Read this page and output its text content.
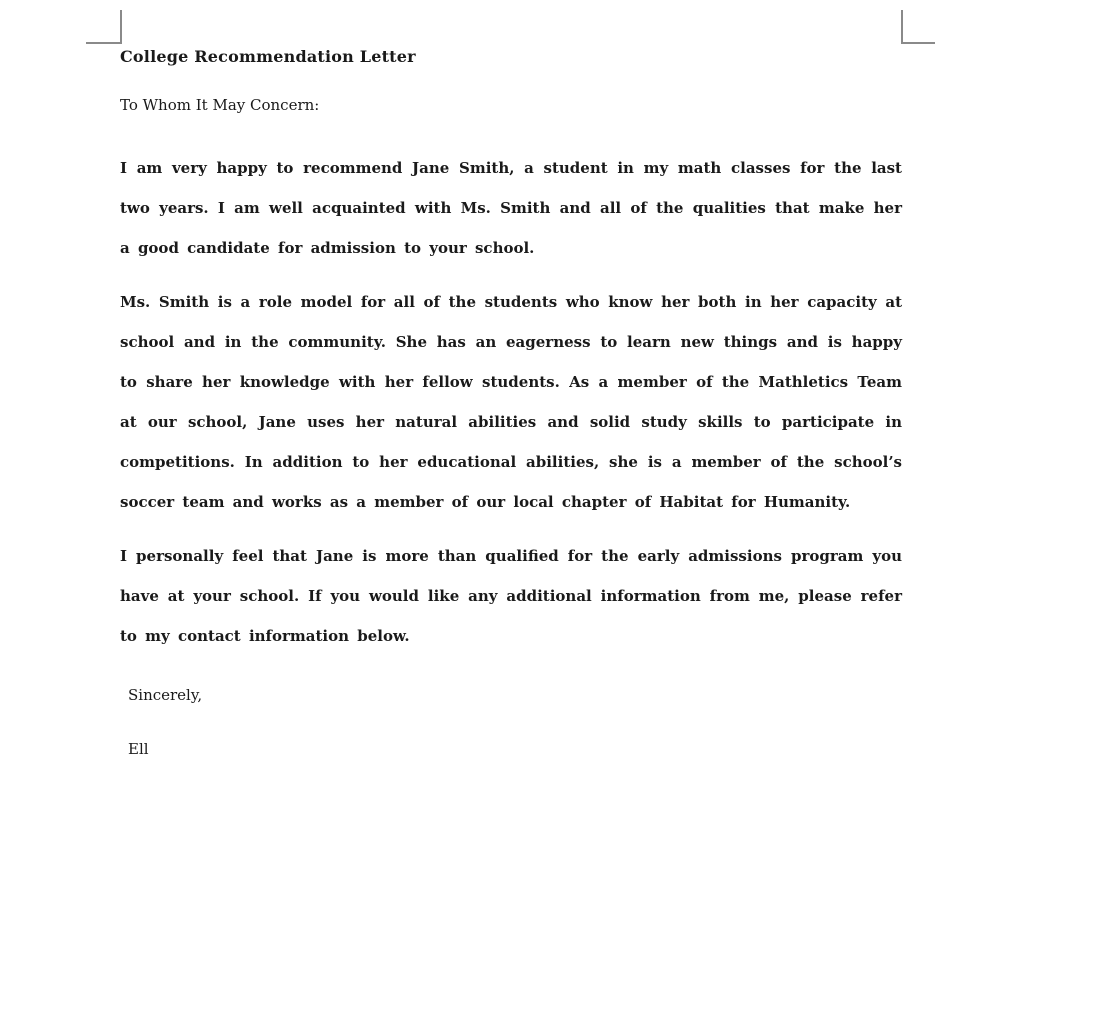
College Recommendation Letter
To Whom It May Concern:

I am very happy to recommend Jane Smith, a student in my math classes for the last two years. I am well acquainted with Ms. Smith and all of the qualities that make her a good candidate for admission to your school.

Ms. Smith is a role model for all of the students who know her both in her capacity at school and in the community. She has an eagerness to learn new things and is happy to share her knowledge with her fellow students. As a member of the Mathletics Team at our school, Jane uses her natural abilities and solid study skills to participate in competitions. In addition to her educational abilities, she is a member of the school’s soccer team and works as a member of our local chapter of Habitat for Humanity.

I personally feel that Jane is more than qualified for the early admissions program you have at your school. If you would like any additional information from me, please refer to my contact information below.

Sincerely,
Ell
